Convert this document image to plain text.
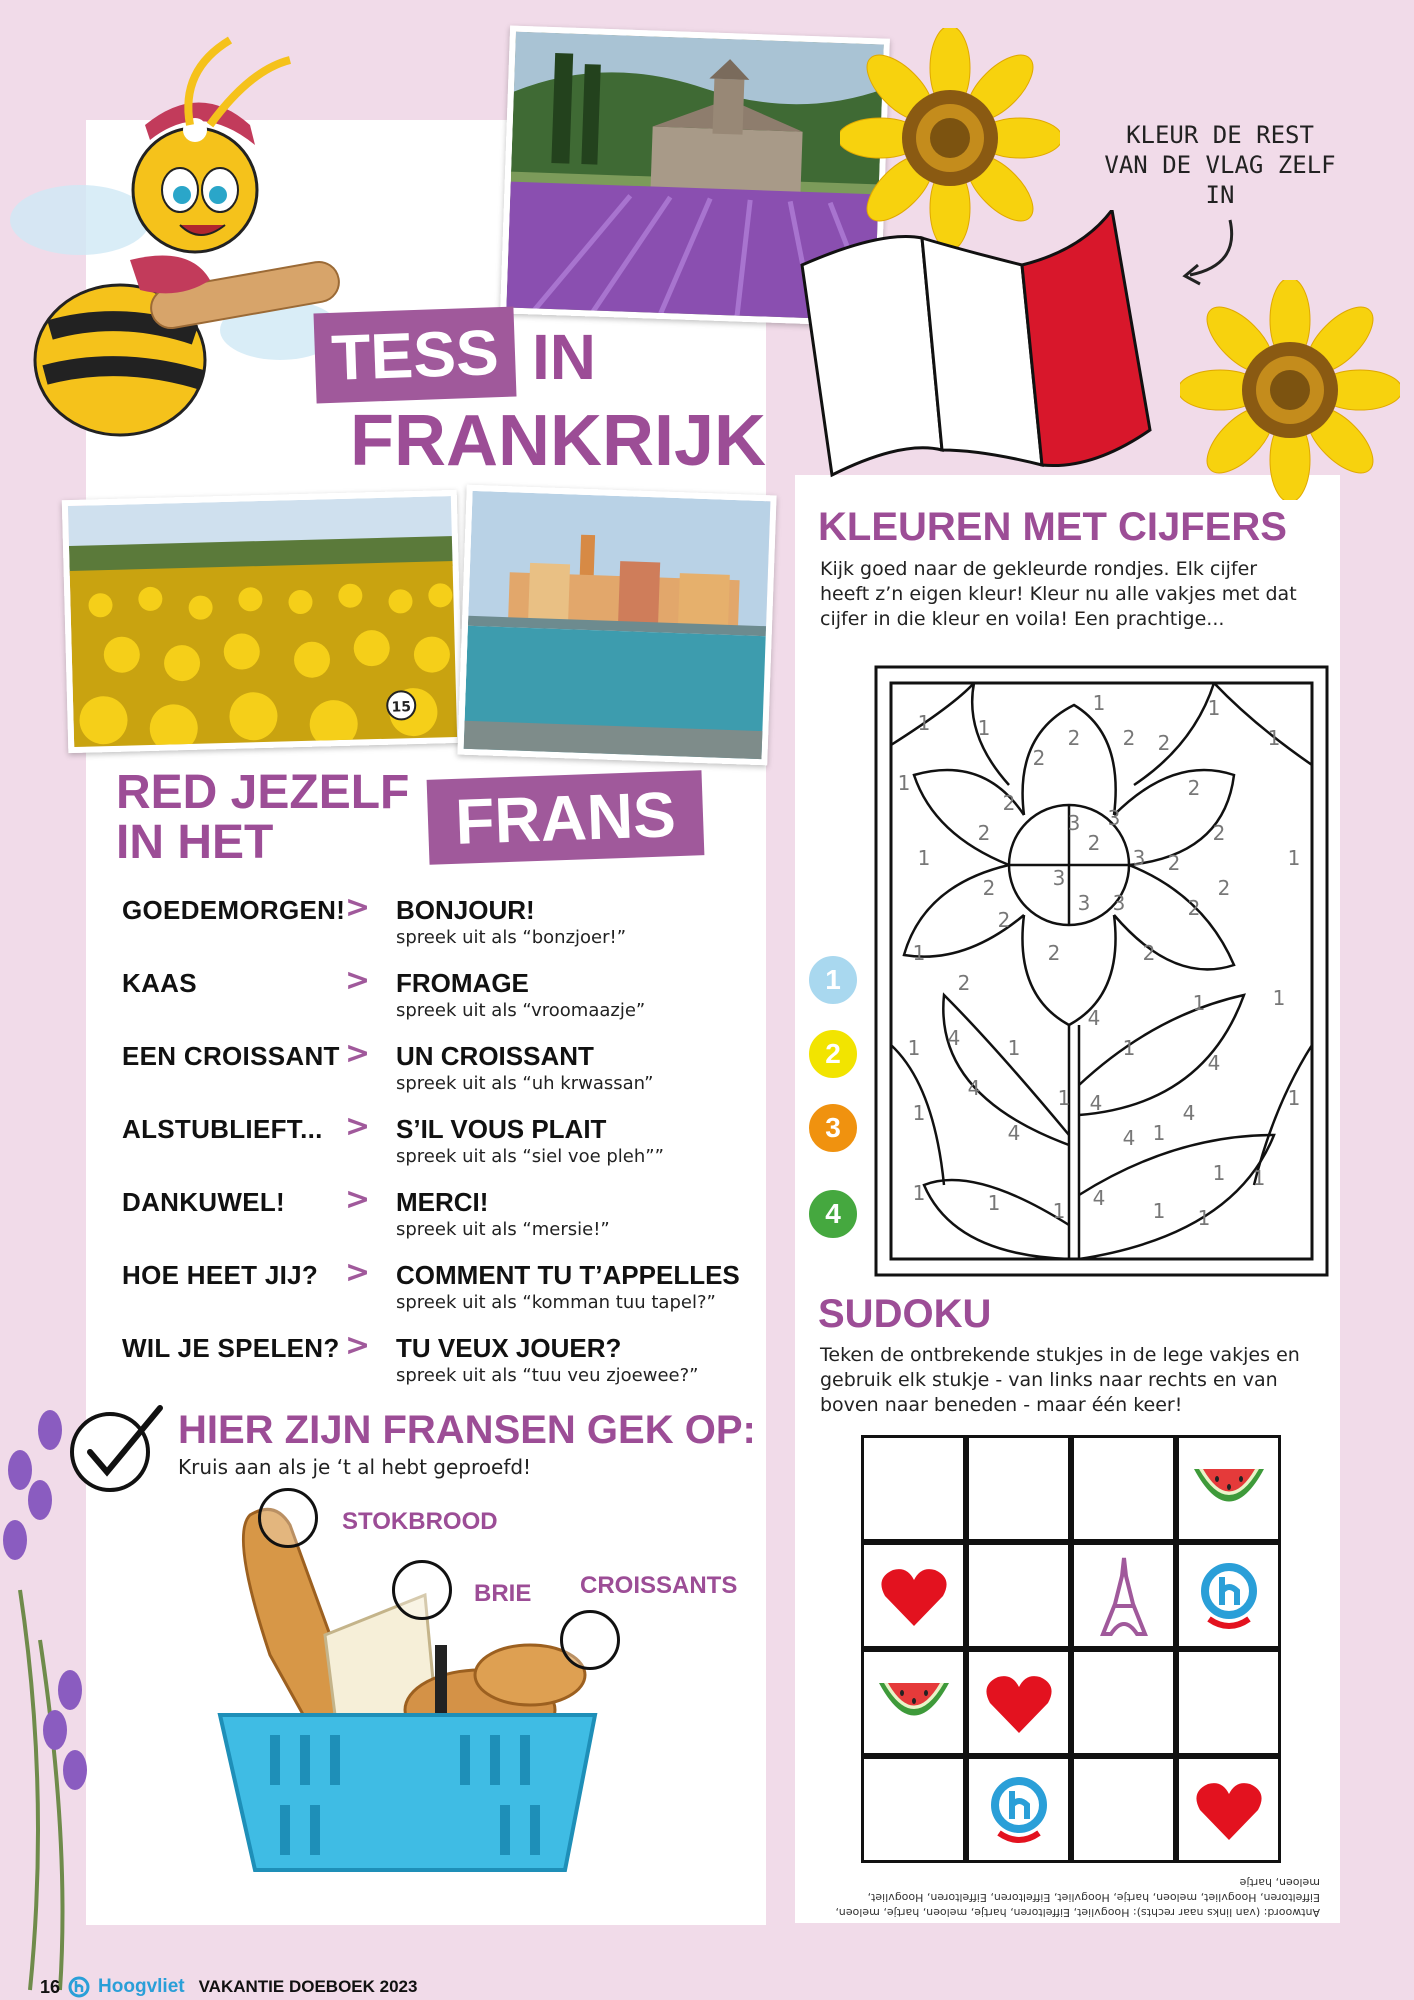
KLEUR DE REST VAN DE VLAG ZELF IN
TESS IN
FRANKRIJK
15
RED JEZELF
IN HET	FRANS
GOEDEMORGEN! > BONJOUR!
spreek uit als “bonzjoer!”
KAAS	> FROMAGE
spreek uit als “vroomaazje”
EEN CROISSANT > UN CROISSANT
spreek uit als “uh krwassan”
ALSTUBLIEFT... > S’IL VOUS PLAIT
spreek uit als “siel voe pleh””
DANKUWEL! > MERCI!
spreek uit als “mersie!”
HOE HEET JIJ? > COMMENT TU T’APPELLES
spreek uit als “komman tuu tapel?”
WIL JE SPELEN? > TU VEUX JOUER?
spreek uit als “tuu veu zjoewee?”
HIER ZIJN FRANSEN GEK OP:
Kruis aan als je ‘t al hebt geproefd!
STOKBROOD
BRIE CROISSANTS
KLEUREN MET CIJFERS
Kijk goed naar de gekleurde rondjes. Elk cijfer heeft z’n eigen kleur! Kleur nu alle vakjes met dat cijfer in die kleur en voila! Een prachtige...
1
2
3
4
1 1
1	1
1
2 2
2
2
2
1
2
2	2
3 3
2
1	2
3
3
2
1
2
3 3	2
2
1	2	2
2
1	1
4
4
1	1	1
1
4
4	1 4
1
1
4	4
4
1
1	1	4
1	1
1
1
SUDOKU
Teken de ontbrekende stukjes in de lege vakjes en gebruik elk stukje - van links naar rechts en van boven naar beneden - maar één keer!
Antwoord: (van links naar rechts): Hoogvliet, Eiffeltoren, hartje, meloen, hartje, meloen, Eiffeltoren, Hoogvliet, meloen, hartje, Hoogvliet, Eiffeltoren, Eiffeltoren, Hoogvliet, meloen, hartje
16 Hoogvliet VAKANTIE DOEBOEK 2023
